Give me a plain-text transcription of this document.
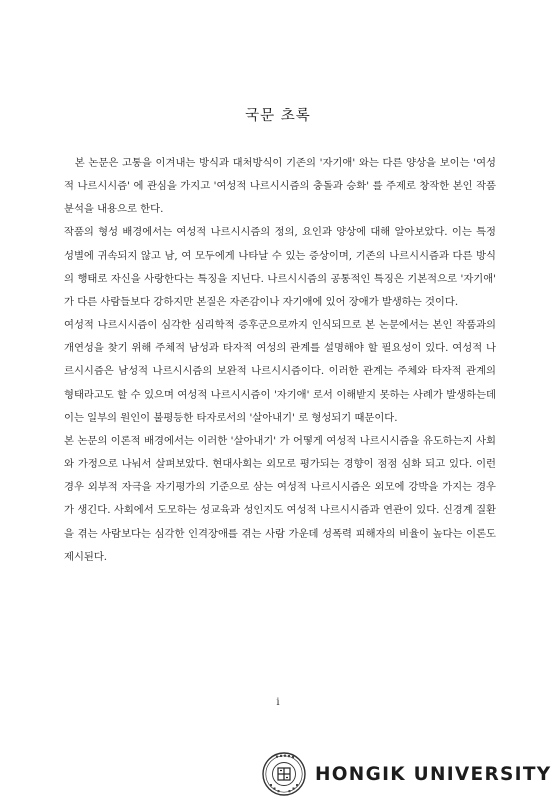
국문 초록

　본 논문은 고통을 이겨내는 방식과 대처방식이 기존의 '자기애' 와는 다른 양상을 보이는 '여성적 나르시시즘' 에 관심을 가지고 '여성적 나르시시즘의 충돌과 승화' 를 주제로 창작한 본인 작품 분석을 내용으로 한다.

작품의 형성 배경에서는 여성적 나르시시즘의 정의, 요인과 양상에 대해 알아보았다. 이는 특정 성별에 귀속되지 않고 남, 여 모두에게 나타날 수 있는 증상이며, 기존의 나르시시즘과 다른 방식의 행태로 자신을 사랑한다는 특징을 지닌다. 나르시시즘의 공통적인 특징은 기본적으로 '자기애' 가 다른 사람들보다 강하지만 본질은 자존감이나 자기애에 있어 장애가 발생하는 것이다.

여성적 나르시시즘이 심각한 심리학적 증후군으로까지 인식되므로 본 논문에서는 본인 작품과의 개연성을 찾기 위해 주체적 남성과 타자적 여성의 관계를 설명해야 할 필요성이 있다. 여성적 나르시시즘은 남성적 나르시시즘의 보완적 나르시시즘이다. 이러한 관계는 주체와 타자적 관계의 형태라고도 할 수 있으며 여성적 나르시시즘이 '자기애' 로서 이해받지 못하는 사례가 발생하는데 이는 일부의 원인이 불평등한 타자로서의 '살아내기' 로 형성되기 때문이다.

본 논문의 이론적 배경에서는 이러한 '살아내기' 가 어떻게 여성적 나르시시즘을 유도하는지 사회와 가정으로 나눠서 살펴보았다. 현대사회는 외모로 평가되는 경향이 점점 심화 되고 있다. 이런 경우 외부적 자극을 자기평가의 기준으로 삼는 여성적 나르시시즘은 외모에 강박을 가지는 경우가 생긴다. 사회에서 도모하는 성교육과 성인지도 여성적 나르시시즘과 연관이 있다. 신경계 질환을 겪는 사람보다는 심각한 인격장애를 겪는 사람 가운데 성폭력 피해자의 비율이 높다는 이론도 제시된다.

i
HONGIK UNIVERSITY
